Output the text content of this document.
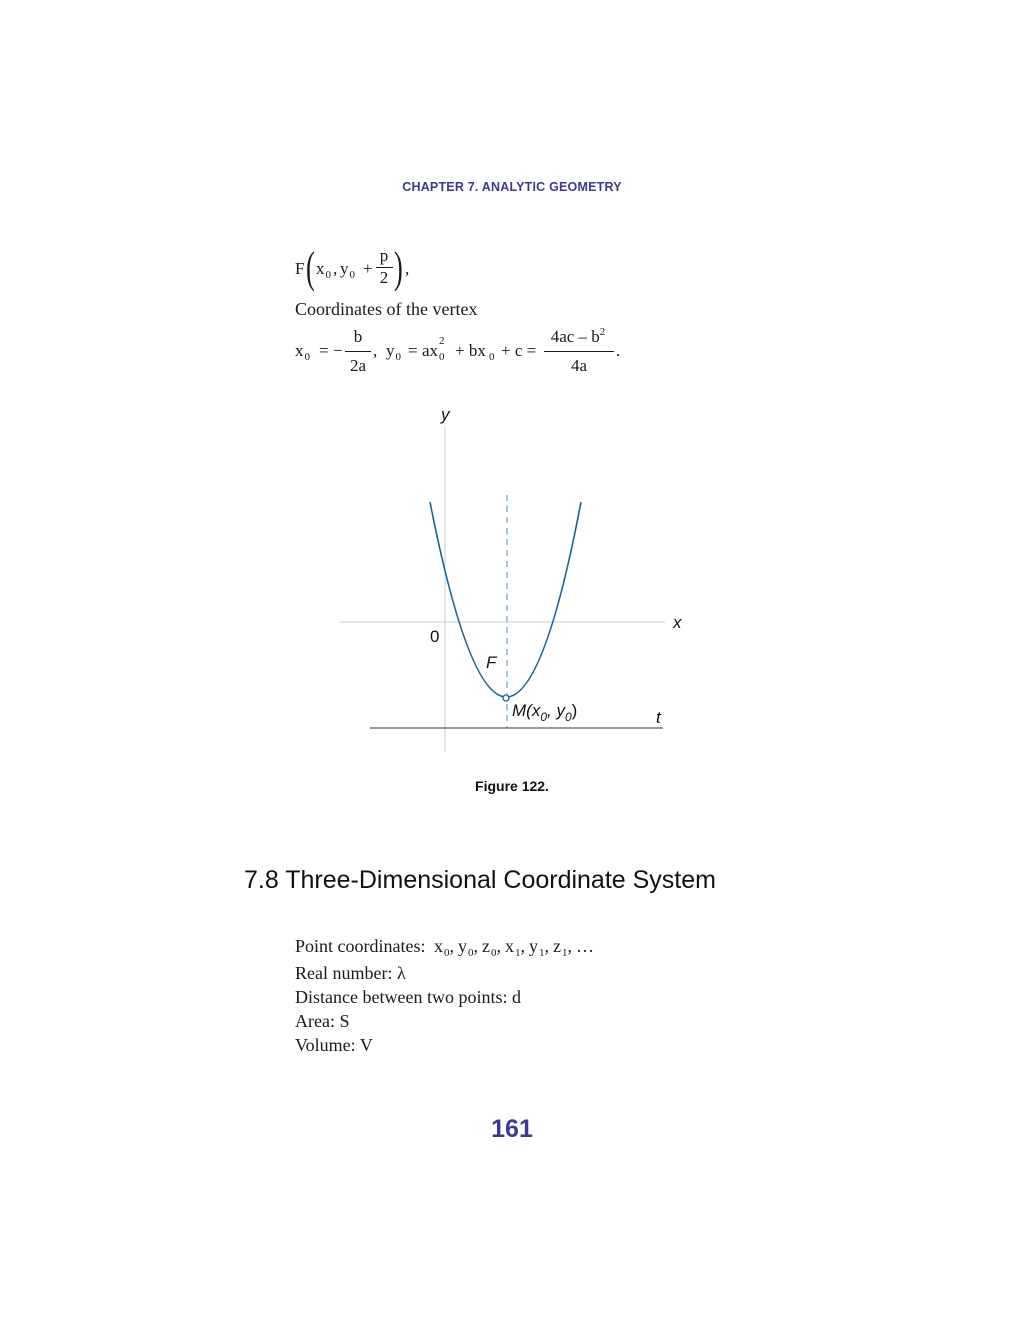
CHAPTER 7. ANALYTIC GEOMETRY
F ( $x_0$ , $y_0$ +
p
2 ) ,
Coordinates of the vertex
$x_0$ = −
b
2a
, $y_0$ = ax 2
$_0$ + bx $_0$ + c =
$4ac - b^2$
4a
.
y
x
0
F
$M(x_0$, $y_0$)	t
Figure 122.
7.8 Three-Dimensional Coordinate System
Point coordinates: $x_0$, $y_0$, $z_0$, $x_1$, $y_1$, $z_1$, …
Real number: λ
Distance between two points: d
Area: S
Volume: V
161
